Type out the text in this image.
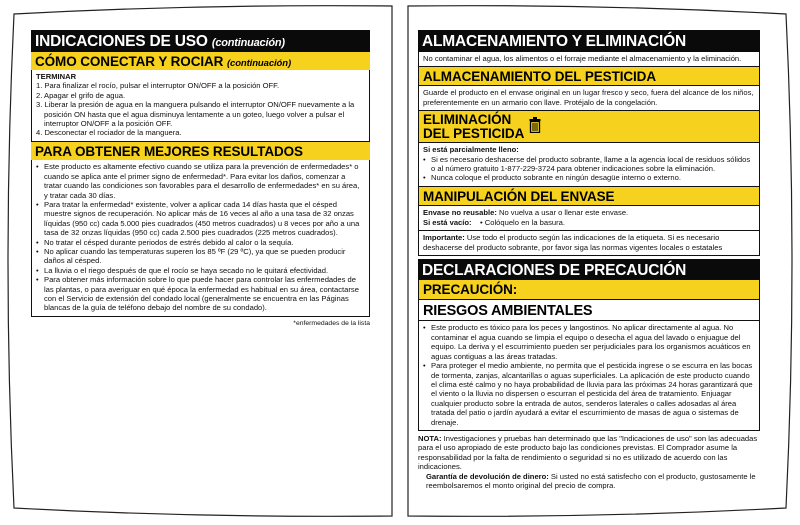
INDICACIONES DE USO (continuación)
CÓMO CONECTAR Y ROCIAR (continuación)
TERMINAR
1. Para finalizar el rocío, pulsar el interruptor ON/OFF a la posición OFF.
2. Apagar el grifo de agua.
3. Liberar la presión de agua en la manguera pulsando el interruptor ON/OFF nuevamente a la posición ON hasta que el agua disminuya lentamente a un goteo, luego volver a pulsar el interruptor ON/OFF a la posición OFF.
4. Desconectar el rociador de la manguera.
PARA OBTENER MEJORES RESULTADOS
• Este producto es altamente efectivo cuando se utiliza para la prevención de enfermedades* o cuando se aplica ante el primer signo de enfermedad*. Para evitar los daños, comenzar a tratar cuando las condiciones son favorables para el desarrollo de enfermedades* en su área, y tratar cada 30 días.
• Para tratar la enfermedad* existente, volver a aplicar cada 14 días hasta que el césped muestre signos de recuperación. No aplicar más de 16 veces al año a una tasa de 32 onzas líquidas (950 cc) cada 5.000 pies cuadrados (450 metros cuadrados) u 8 veces por año a una tasa de 32 onzas líquidas (950 cc) cada 2.500 pies cuadrados (225 metros cuadrados).
• No tratar el césped durante periodos de estrés debido al calor o la sequía.
• No aplicar cuando las temperaturas superen los 85 ºF (29 ºC), ya que se pueden producir daños al césped.
• La lluvia o el riego después de que el rocío se haya secado no le quitará efectividad.
• Para obtener más información sobre lo que puede hacer para controlar las enfermedades de las plantas, o para averiguar en qué época la enfermedad es habitual en su área, contactarse con el Servicio de extensión del condado local (generalmente se encuentra en las Páginas blancas de la guía de teléfono debajo del nombre de su condado).
*enfermedades de la lista
ALMACENAMIENTO Y ELIMINACIÓN
No contaminar el agua, los alimentos o el forraje mediante el almacenamiento y la eliminación.
ALMACENAMIENTO DEL PESTICIDA
Guarde el producto en el envase original en un lugar fresco y seco, fuera del alcance de los niños, preferentemente en un armario con llave. Protéjalo de la congelación.
ELIMINACIÓN
DEL PESTICIDA
Si está parcialmente lleno:
• Si es necesario deshacerse del producto sobrante, llame a la agencia local de residuos sólidos o al número gratuito 1-877-229-3724 para obtener indicaciones sobre la eliminación.
• Nunca coloque el producto sobrante en ningún desagüe interno o externo.
MANIPULACIÓN DEL ENVASE
Envase no reusable: No vuelva a usar o llenar este envase.
Si está vacío:    • Colóquelo en la basura.
Importante: Use todo el producto según las indicaciones de la etiqueta. Si es necesario deshacerse del producto sobrante, por favor siga las normas vigentes locales o estatales
DECLARACIONES DE PRECAUCIÓN
PRECAUCIÓN:
RIESGOS AMBIENTALES
• Este producto es tóxico para los peces y langostinos. No aplicar directamente al agua. No contaminar el agua cuando se limpia el equipo o desecha el agua del lavado o enjuague del equipo. La deriva y el escurrimiento pueden ser perjudiciales para los organismos acuáticos en aguas contiguas a las áreas tratadas.
• Para proteger el medio ambiente, no permita que el pesticida ingrese o se escurra en las bocas de tormenta, zanjas, alcantarillas o aguas superficiales. La aplicación de este producto cuando el clima esté calmo y no haya probabilidad de lluvia para las próximas 24 horas garantizará que el viento o la lluvia no dispersen o escurran el pesticida del área de tratamiento. Enjuagar cualquier producto sobre la entrada de autos, senderos laterales o calles adosadas al área tratada del patio o jardín ayudará a evitar el escurrimiento de masas de agua o sistemas de drenaje.
NOTA: Investigaciones y pruebas han determinado que las "Indicaciones de uso" son las adecuadas para el uso apropiado de este producto bajo las condiciones previstas. El Comprador asume la responsabilidad por la falta de rendimiento o seguridad si no es utilizado de acuerdo con las indicaciones.
Garantía de devolución de dinero: Si usted no está satisfecho con el producto, gustosamente le reembolsaremos el monto original del precio de compra.
